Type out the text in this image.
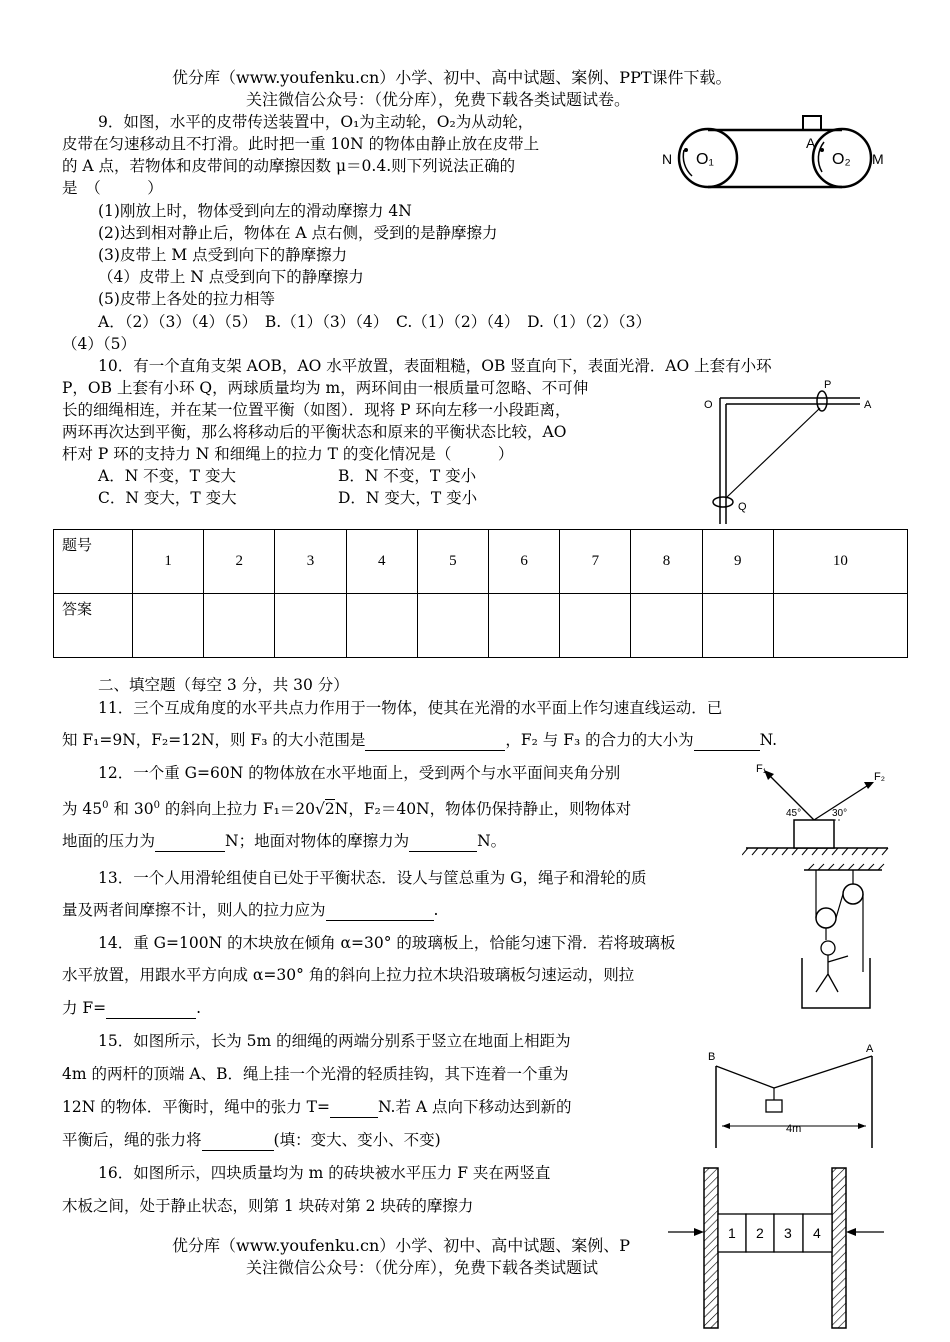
优分库（www.youfenku.cn）小学、初中、高中试题、案例、PPT课件下载。
关注微信公众号：（优分库），免费下载各类试题试卷。
9．如图，水平的皮带传送装置中，O₁为主动轮，O₂为从动轮，
皮带在匀速移动且不打滑。此时把一重 10N 的物体由静止放在皮带上
的 A 点，若物体和皮带间的动摩擦因数 μ＝0.4.则下列说法正确的
是　（　　　）
(1)刚放上时，物体受到向左的滑动摩擦力 4N
(2)达到相对静止后，物体在 A 点右侧，受到的是静摩擦力
(3)皮带上 M 点受到向下的静摩擦力
（4）皮带上 N 点受到向下的静摩擦力
(5)皮带上各处的拉力相等
A．（2）（3）（4）（5）　B.（1）（3）（4）　C.（1）（2）（4）　D.（1）（2）（3）
（4）（5）
N O₁
A
O₂ M
10．有一个直角支架 AOB，AO 水平放置，表面粗糙，OB 竖直向下，表面光滑．AO 上套有小环
P，OB 上套有小环 Q，两球质量均为 m，两环间由一根质量可忽略、不可伸
长的细绳相连，并在某一位置平衡（如图）．现将 P 环向左移一小段距离，
两环再次达到平衡，那么将移动后的平衡状态和原来的平衡状态比较，AO
杆对 P 环的支持力 N 和细绳上的拉力 T 的变化情况是（　　　）
A．N 不变，T 变大	B．N 不变，T 变小
C．N 变大，T 变大	D．N 变大，T 变小
O
P
A
Q
题号	1	2	3	4	5	6	7	8	9	10
答案										
二、填空题（每空 3 分，共 30 分）
11．三个互成角度的水平共点力作用于一物体，使其在光滑的水平面上作匀速直线运动．已
知 F₁=9N，F₂=12N，则 F₃ 的大小范围是	，F₂ 与 F₃ 的合力的大小为	N.
12．一个重 G=60N 的物体放在水平地面上，受到两个与水平面间夹角分别
为 $45^0$ 和 $30^0$ 的斜向上拉力 F₁＝20√2N，F₂＝40N，物体仍保持静止，则物体对
地面的压力为	N；地面对物体的摩擦力为	N。
F₁
F₂
45°	30°
13．一个人用滑轮组使自已处于平衡状态．设人与筐总重为 G，绳子和滑轮的质
量及两者间摩擦不计，则人的拉力应为	.
14．重 G=100N 的木块放在倾角 α=30° 的玻璃板上，恰能匀速下滑．若将玻璃板
水平放置，用跟水平方向成 α=30° 角的斜向上拉力拉木块沿玻璃板匀速运动，则拉
力 F=	.
15．如图所示，长为 5m 的细绳的两端分别系于竖立在地面上相距为
4m 的两杆的顶端 A、B．绳上挂一个光滑的轻质挂钩，其下连着一个重为
12N 的物体．平衡时，绳中的张力 T=	N.若 A 点向下移动达到新的
平衡后，绳的张力将	(填：变大、变小、不变)
B
A
4m
16．如图所示，四块质量均为 m 的砖块被水平压力 F 夹在两竖直
木板之间，处于静止状态，则第 1 块砖对第 2 块砖的摩擦力
1 2 3 4
优分库（www.youfenku.cn）小学、初中、高中试题、案例、P
关注微信公众号：（优分库），免费下载各类试题试
